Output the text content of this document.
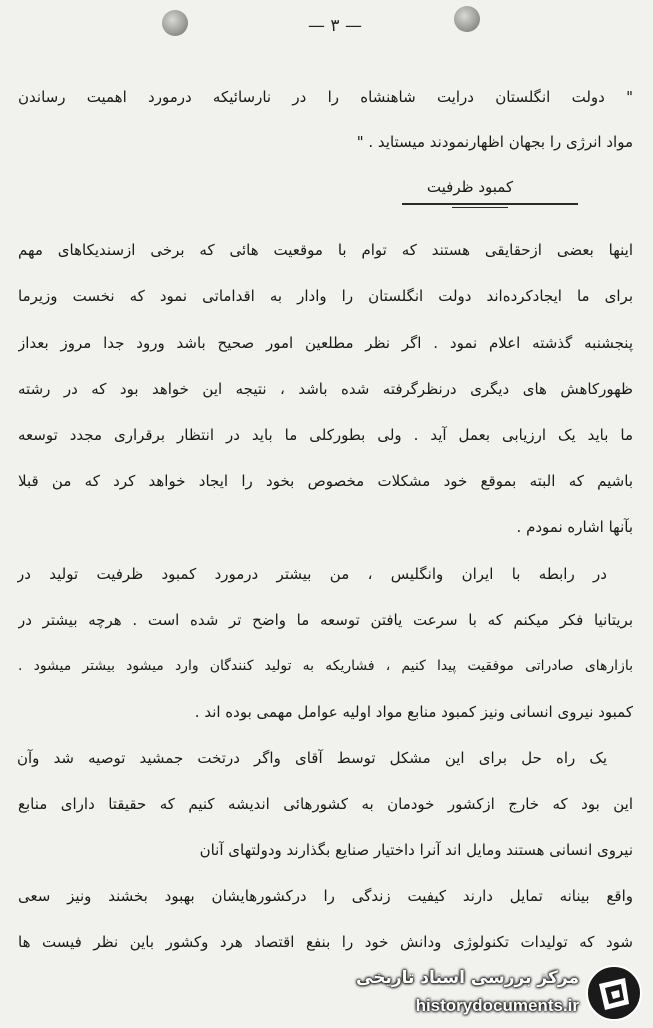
— ۳ —
" دولت انگلستان درایت شاهنشاه را در نارسائیکه درمورد اهمیت رساندن
مواد انرژی را بجهان اظهارنمودند میستاید . "
کمبود ظرفیت
اینها بعضی ازحقایقی هستند که توام با موقعیت هائی که برخی ازسندیکاهای مهم
برای ما ایجادکرده‌اند دولت انگلستان را وادار به اقداماتی نمود که نخست وزیرما
پنجشنبه گذشته اعلام نمود . اگر نظر مطلعین امور صحیح باشد ورود جدا مروز بعداز
ظهورکاهش های دیگری درنظرگرفته شده باشد ، نتیجه این خواهد بود که در رشته
ما باید یک ارزیابی بعمل آید . ولی بطورکلی ما باید در انتظار برقراری مجدد توسعه
باشیم که البته بموقع خود مشکلات مخصوص بخود را ایجاد خواهد کرد که من قبلا
بآنها اشاره نمودم .
در رابطه با ایران وانگلیس ، من بیشتر درمورد کمبود ظرفیت تولید در
بریتانیا فکر میکنم که با سرعت یافتن توسعه ما واضح تر شده است . هرچه بیشتر در
بازارهای صادراتی موفقیت پیدا کنیم ، فشاریکه به تولید کنندگان وارد میشود بیشتر میشود .
کمبود نیروی انسانی ونیز کمبود منابع مواد اولیه عوامل مهمی بوده اند .
یک راه حل برای این مشکل توسط آقای واگر درتخت جمشید توصیه شد وآن
این بود که خارج ازکشور خودمان به کشورهائی اندیشه کنیم که حقیقتا دارای منابع
نیروی انسانی هستند ومایل اند آنرا داختیار صنایع بگذارند ودولتهای آنان
واقع بینانه تمایل دارند کیفیت زندگی را درکشورهایشان بهبود بخشند ونیز سعی
شود که تولیدات تکنولوژی ودانش خود را بنفع اقتصاد هرد وکشور باین نظر فیست ها
مرکز بررسی اسناد تاریخی
historydocuments.ir
